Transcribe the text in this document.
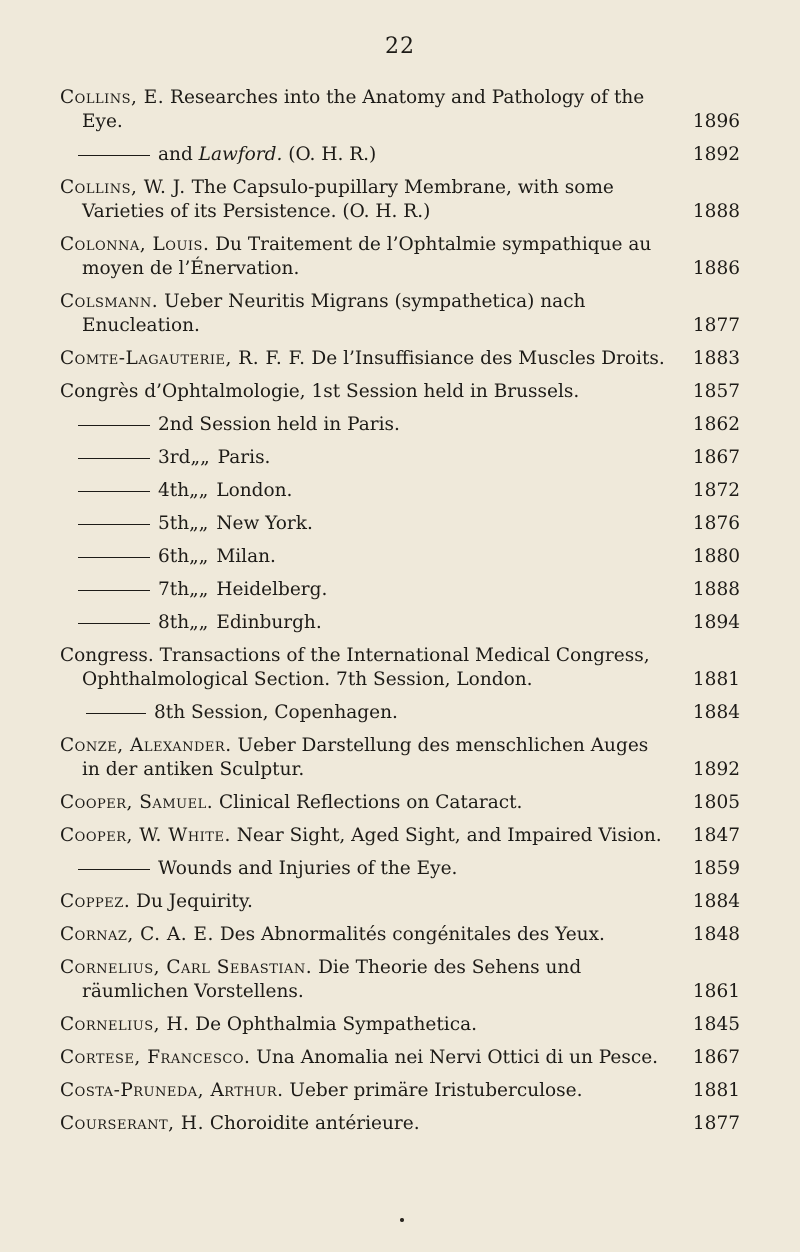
22
Collins, E. Researches into the Anatomy and Pathology of the Eye.	1896
and Lawford. (O. H. R.)	1892
Collins, W. J. The Capsulo-pupillary Membrane, with some Varieties of its Persistence. (O. H. R.)	1888
Colonna, Louis. Du Traitement de l’Ophtalmie sympathique au moyen de l’Énervation.	1886
Colsmann. Ueber Neuritis Migrans (sympathetica) nach Enucleation.	1877
Comte-Lagauterie, R. F. F. De l’Insuffisiance des Muscles Droits.	1883
Congrès d’Ophtalmologie, 1st Session held in Brussels.	1857
2nd Session held in Paris.	1862
3rd„„ Paris.	1867
4th„„ London.	1872
5th„„ New York.	1876
6th„„ Milan.	1880
7th„„ Heidelberg.	1888
8th„„ Edinburgh.	1894
Congress. Transactions of the International Medical Congress, Ophthalmological Section. 7th Session, London.	1881
8th Session, Copenhagen.	1884
Conze, Alexander. Ueber Darstellung des menschlichen Auges in der antiken Sculptur.	1892
Cooper, Samuel. Clinical Reflections on Cataract.	1805
Cooper, W. White. Near Sight, Aged Sight, and Impaired Vision.	1847
Wounds and Injuries of the Eye.	1859
Coppez. Du Jequirity.	1884
Cornaz, C. A. E. Des Abnormalités congénitales des Yeux.	1848
Cornelius, Carl Sebastian. Die Theorie des Sehens und räumlichen Vorstellens.	1861
Cornelius, H. De Ophthalmia Sympathetica.	1845
Cortese, Francesco. Una Anomalia nei Nervi Ottici di un Pesce.	1867
Costa-Pruneda, Arthur. Ueber primäre Iristuberculose.	1881
Courserant, H. Choroidite antérieure.	1877
